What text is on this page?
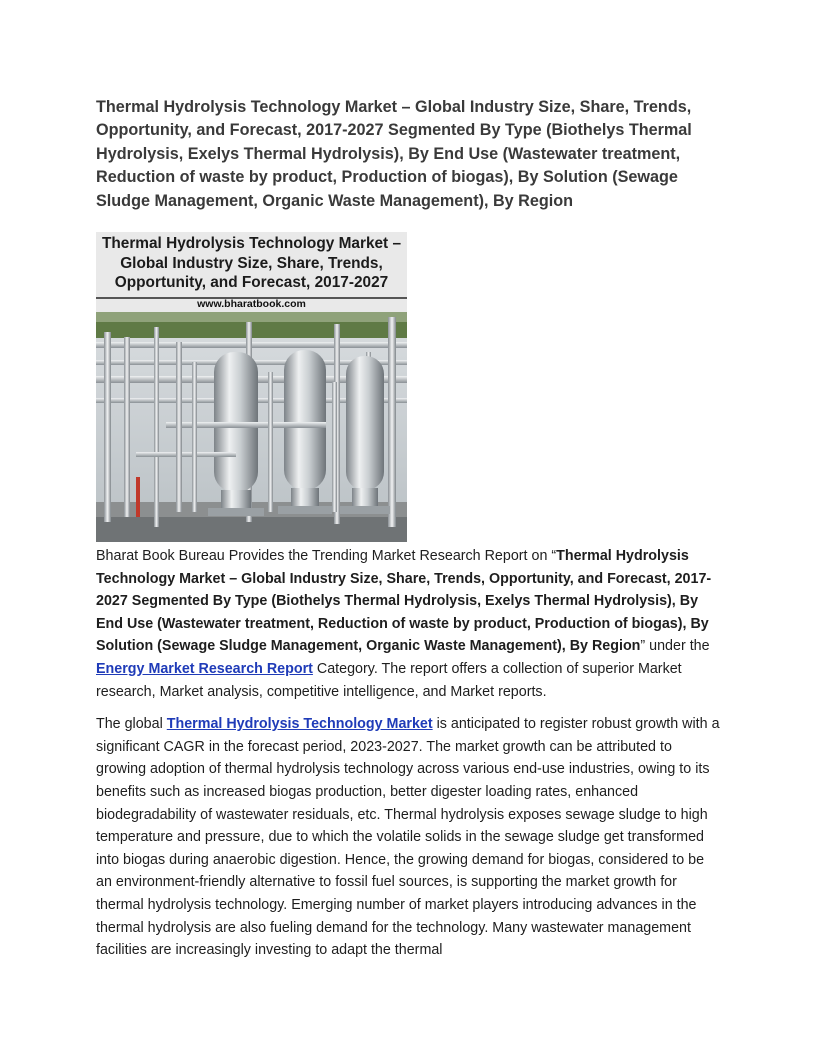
Thermal Hydrolysis Technology Market – Global Industry Size, Share, Trends, Opportunity, and Forecast, 2017-2027 Segmented By Type (Biothelys Thermal Hydrolysis, Exelys Thermal Hydrolysis), By End Use (Wastewater treatment, Reduction of waste by product, Production of biogas), By Solution (Sewage Sludge Management, Organic Waste Management), By Region
Thermal Hydrolysis Technology Market – Global Industry Size, Share, Trends, Opportunity, and Forecast, 2017-2027
www.bharatbook.com

Bharat Book Bureau Provides the Trending Market Research Report on “Thermal Hydrolysis Technology Market – Global Industry Size, Share, Trends, Opportunity, and Forecast, 2017-2027 Segmented By Type (Biothelys Thermal Hydrolysis, Exelys Thermal Hydrolysis), By End Use (Wastewater treatment, Reduction of waste by product, Production of biogas), By Solution (Sewage Sludge Management, Organic Waste Management), By Region” under the Energy Market Research Report Category. The report offers a collection of superior Market research, Market analysis, competitive intelligence, and Market reports.

The global Thermal Hydrolysis Technology Market is anticipated to register robust growth with a significant CAGR in the forecast period, 2023-2027. The market growth can be attributed to growing adoption of thermal hydrolysis technology across various end-use industries, owing to its benefits such as increased biogas production, better digester loading rates, enhanced biodegradability of wastewater residuals, etc. Thermal hydrolysis exposes sewage sludge to high temperature and pressure, due to which the volatile solids in the sewage sludge get transformed into biogas during anaerobic digestion. Hence, the growing demand for biogas, considered to be an environment-friendly alternative to fossil fuel sources, is supporting the market growth for thermal hydrolysis technology. Emerging number of market players introducing advances in the thermal hydrolysis are also fueling demand for the technology. Many wastewater management facilities are increasingly investing to adapt the thermal
